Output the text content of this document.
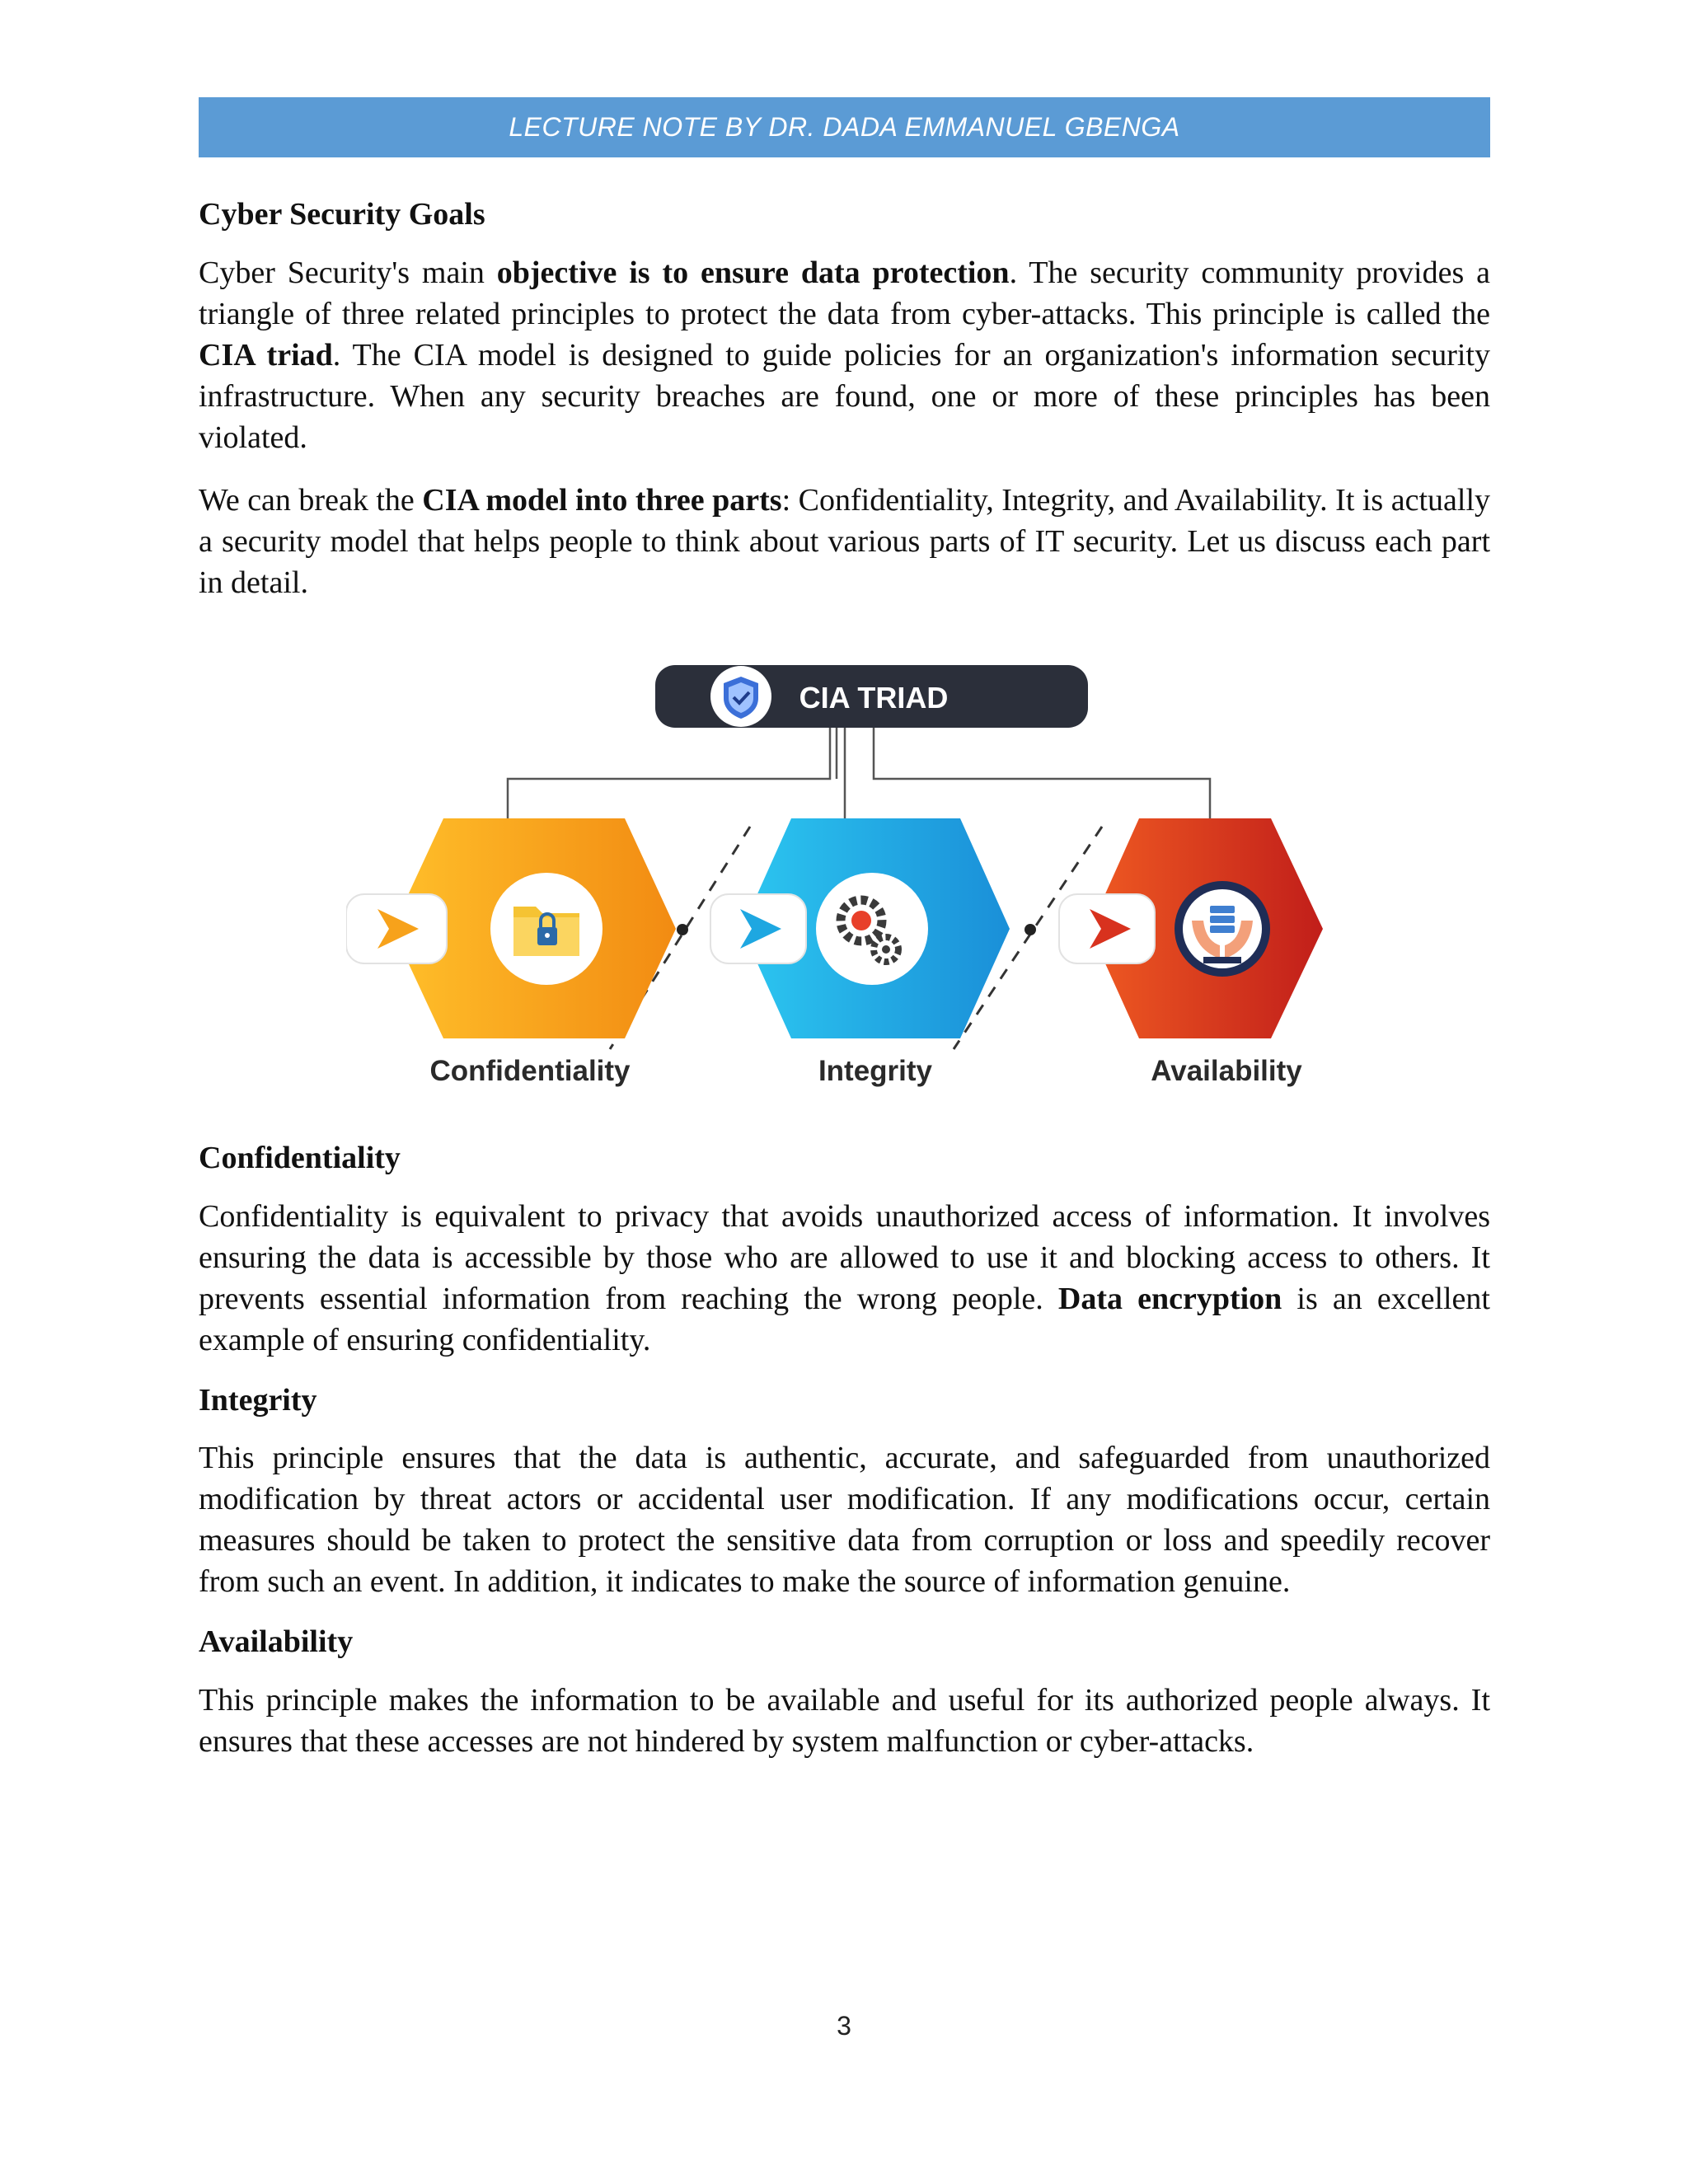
LECTURE NOTE BY DR. DADA EMMANUEL GBENGA
Cyber Security Goals

Cyber Security's main objective is to ensure data protection. The security community provides a triangle of three related principles to protect the data from cyber-attacks. This principle is called the CIA triad. The CIA model is designed to guide policies for an organization's information security infrastructure. When any security breaches are found, one or more of these principles has been violated.

We can break the CIA model into three parts: Confidentiality, Integrity, and Availability. It is actually a security model that helps people to think about various parts of IT security. Let us discuss each part in detail.

CIA TRIAD
Confidentiality	Integrity	Availability
Confidentiality

Confidentiality is equivalent to privacy that avoids unauthorized access of information. It involves ensuring the data is accessible by those who are allowed to use it and blocking access to others. It prevents essential information from reaching the wrong people. Data encryption is an excellent example of ensuring confidentiality.

Integrity

This principle ensures that the data is authentic, accurate, and safeguarded from unauthorized modification by threat actors or accidental user modification. If any modifications occur, certain measures should be taken to protect the sensitive data from corruption or loss and speedily recover from such an event. In addition, it indicates to make the source of information genuine.

Availability

This principle makes the information to be available and useful for its authorized people always. It ensures that these accesses are not hindered by system malfunction or cyber-attacks.

3
